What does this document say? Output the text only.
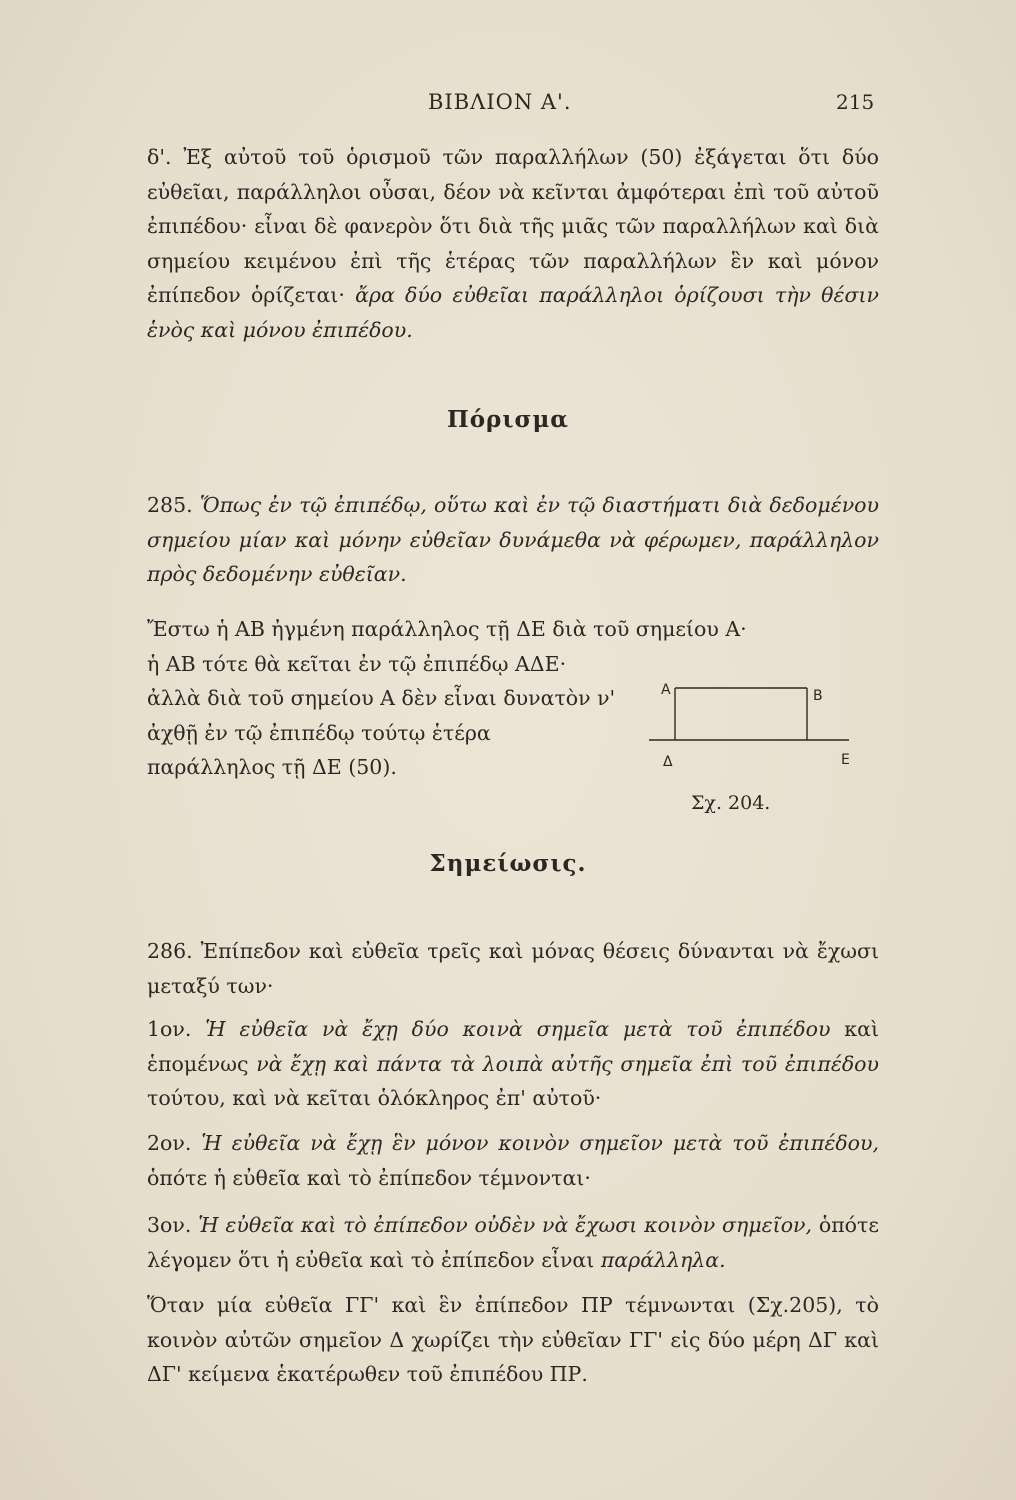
ΒΙΒΛΙΟΝ Α'.	215

δ'. Ἐξ αὐτοῦ τοῦ ὁρισμοῦ τῶν παραλλήλων (50) ἐξάγεται ὅτι δύο εὐθεῖαι, παράλληλοι οὖσαι, δέον νὰ κεῖνται ἀμφότεραι ἐπὶ τοῦ αὐτοῦ ἐπιπέδου· εἶναι δὲ φανερὸν ὅτι διὰ τῆς μιᾶς τῶν παραλλήλων καὶ διὰ σημείου κειμένου ἐπὶ τῆς ἑτέρας τῶν παραλλήλων ἓν καὶ μόνον ἐπίπεδον ὁρίζεται· ἄρα δύο εὐθεῖαι παράλληλοι ὁρίζουσι τὴν θέσιν ἑνὸς καὶ μόνου ἐπιπέδου.

Πόρισμα

285. Ὅπως ἐν τῷ ἐπιπέδῳ, οὕτω καὶ ἐν τῷ διαστήματι διὰ δεδομένου σημείου μίαν καὶ μόνην εὐθεῖαν δυνάμεθα νὰ φέρωμεν, παράλληλον πρὸς δεδομένην εὐθεῖαν.

Ἔστω ἡ ΑΒ ἠγμένη παράλληλος τῇ ΔΕ διὰ τοῦ σημείου Α·
ἡ ΑΒ τότε θὰ κεῖται ἐν τῷ ἐπιπέδῳ ΑΔΕ· ἀλλὰ διὰ τοῦ σημείου Α δὲν εἶναι δυνατὸν ν' ἀχθῇ ἐν τῷ ἐπιπέδῳ τούτῳ ἑτέρα παράλληλος τῇ ΔΕ (50).

A	B
Δ	E
Σχ. 204.
Σημείωσις.

286. Ἐπίπεδον καὶ εὐθεῖα τρεῖς καὶ μόνας θέσεις δύνανται νὰ ἔχωσι μεταξύ των·

1ον. Ἡ εὐθεῖα νὰ ἔχῃ δύο κοινὰ σημεῖα μετὰ τοῦ ἐπιπέδου καὶ ἑπομένως νὰ ἔχῃ καὶ πάντα τὰ λοιπὰ αὐτῆς σημεῖα ἐπὶ τοῦ ἐπιπέδου τούτου, καὶ νὰ κεῖται ὁλόκληρος ἐπ' αὐτοῦ·

2ον. Ἡ εὐθεῖα νὰ ἔχῃ ἓν μόνον κοινὸν σημεῖον μετὰ τοῦ ἐπιπέδου, ὁπότε ἡ εὐθεῖα καὶ τὸ ἐπίπεδον τέμνονται·

3ον. Ἡ εὐθεῖα καὶ τὸ ἐπίπεδον οὐδὲν νὰ ἔχωσι κοινὸν σημεῖον, ὁπότε λέγομεν ὅτι ἡ εὐθεῖα καὶ τὸ ἐπίπεδον εἶναι παράλληλα.

Ὅταν μία εὐθεῖα ΓΓ' καὶ ἓν ἐπίπεδον ΠΡ τέμνωνται (Σχ.205), τὸ κοινὸν αὐτῶν σημεῖον Δ χωρίζει τὴν εὐθεῖαν ΓΓ' εἰς δύο μέρη ΔΓ καὶ ΔΓ' κείμενα ἑκατέρωθεν τοῦ ἐπιπέδου ΠΡ.
